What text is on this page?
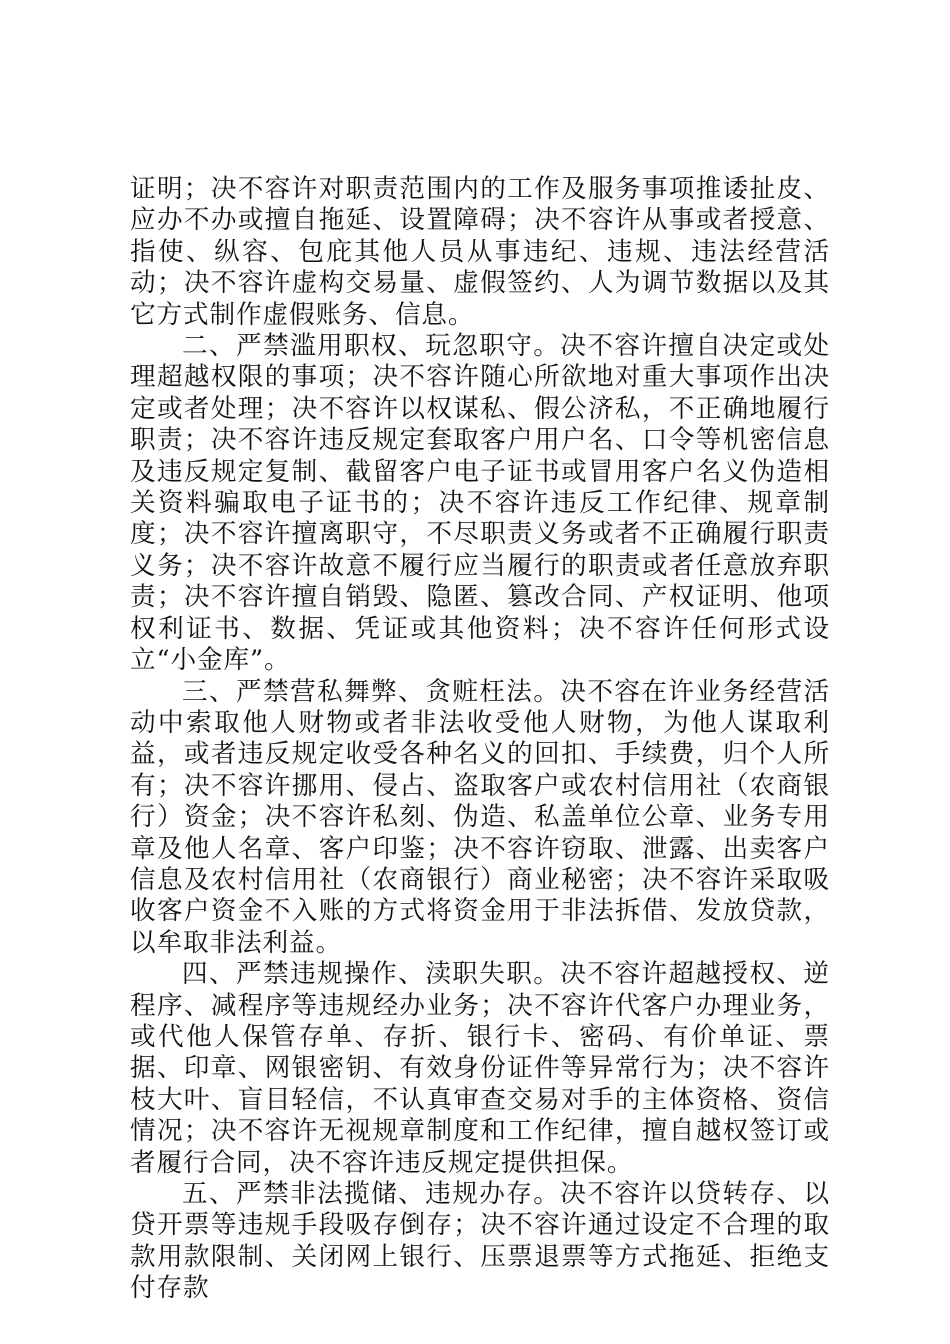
证明；决不容许对职责范围内的工作及服务事项推诿扯皮、应办不办或擅自拖延、设置障碍；决不容许从事或者授意、指使、纵容、包庇其他人员从事违纪、违规、违法经营活动；决不容许虚构交易量、虚假签约、人为调节数据以及其它方式制作虚假账务、信息。

二、严禁滥用职权、玩忽职守。决不容许擅自决定或处理超越权限的事项；决不容许随心所欲地对重大事项作出决定或者处理；决不容许以权谋私、假公济私，不正确地履行职责；决不容许违反规定套取客户用户名、口令等机密信息及违反规定复制、截留客户电子证书或冒用客户名义伪造相关资料骗取电子证书的；决不容许违反工作纪律、规章制度；决不容许擅离职守，不尽职责义务或者不正确履行职责义务；决不容许故意不履行应当履行的职责或者任意放弃职责；决不容许擅自销毁、隐匿、篡改合同、产权证明、他项权利证书、数据、凭证或其他资料；决不容许任何形式设立“小金库”。

三、严禁营私舞弊、贪赃枉法。决不容在许业务经营活动中索取他人财物或者非法收受他人财物，为他人谋取利益，或者违反规定收受各种名义的回扣、手续费，归个人所有；决不容许挪用、侵占、盗取客户或农村信用社（农商银行）资金；决不容许私刻、伪造、私盖单位公章、业务专用章及他人名章、客户印鉴；决不容许窃取、泄露、出卖客户信息及农村信用社（农商银行）商业秘密；决不容许采取吸收客户资金不入账的方式将资金用于非法拆借、发放贷款，以牟取非法利益。

四、严禁违规操作、渎职失职。决不容许超越授权、逆程序、减程序等违规经办业务；决不容许代客户办理业务，或代他人保管存单、存折、银行卡、密码、有价单证、票据、印章、网银密钥、有效身份证件等异常行为；决不容许枝大叶、盲目轻信，不认真审查交易对手的主体资格、资信情况；决不容许无视规章制度和工作纪律，擅自越权签订或者履行合同，决不容许违反规定提供担保。

五、严禁非法揽储、违规办存。决不容许以贷转存、以贷开票等违规手段吸存倒存；决不容许通过设定不合理的取款用款限制、关闭网上银行、压票退票等方式拖延、拒绝支付存款
